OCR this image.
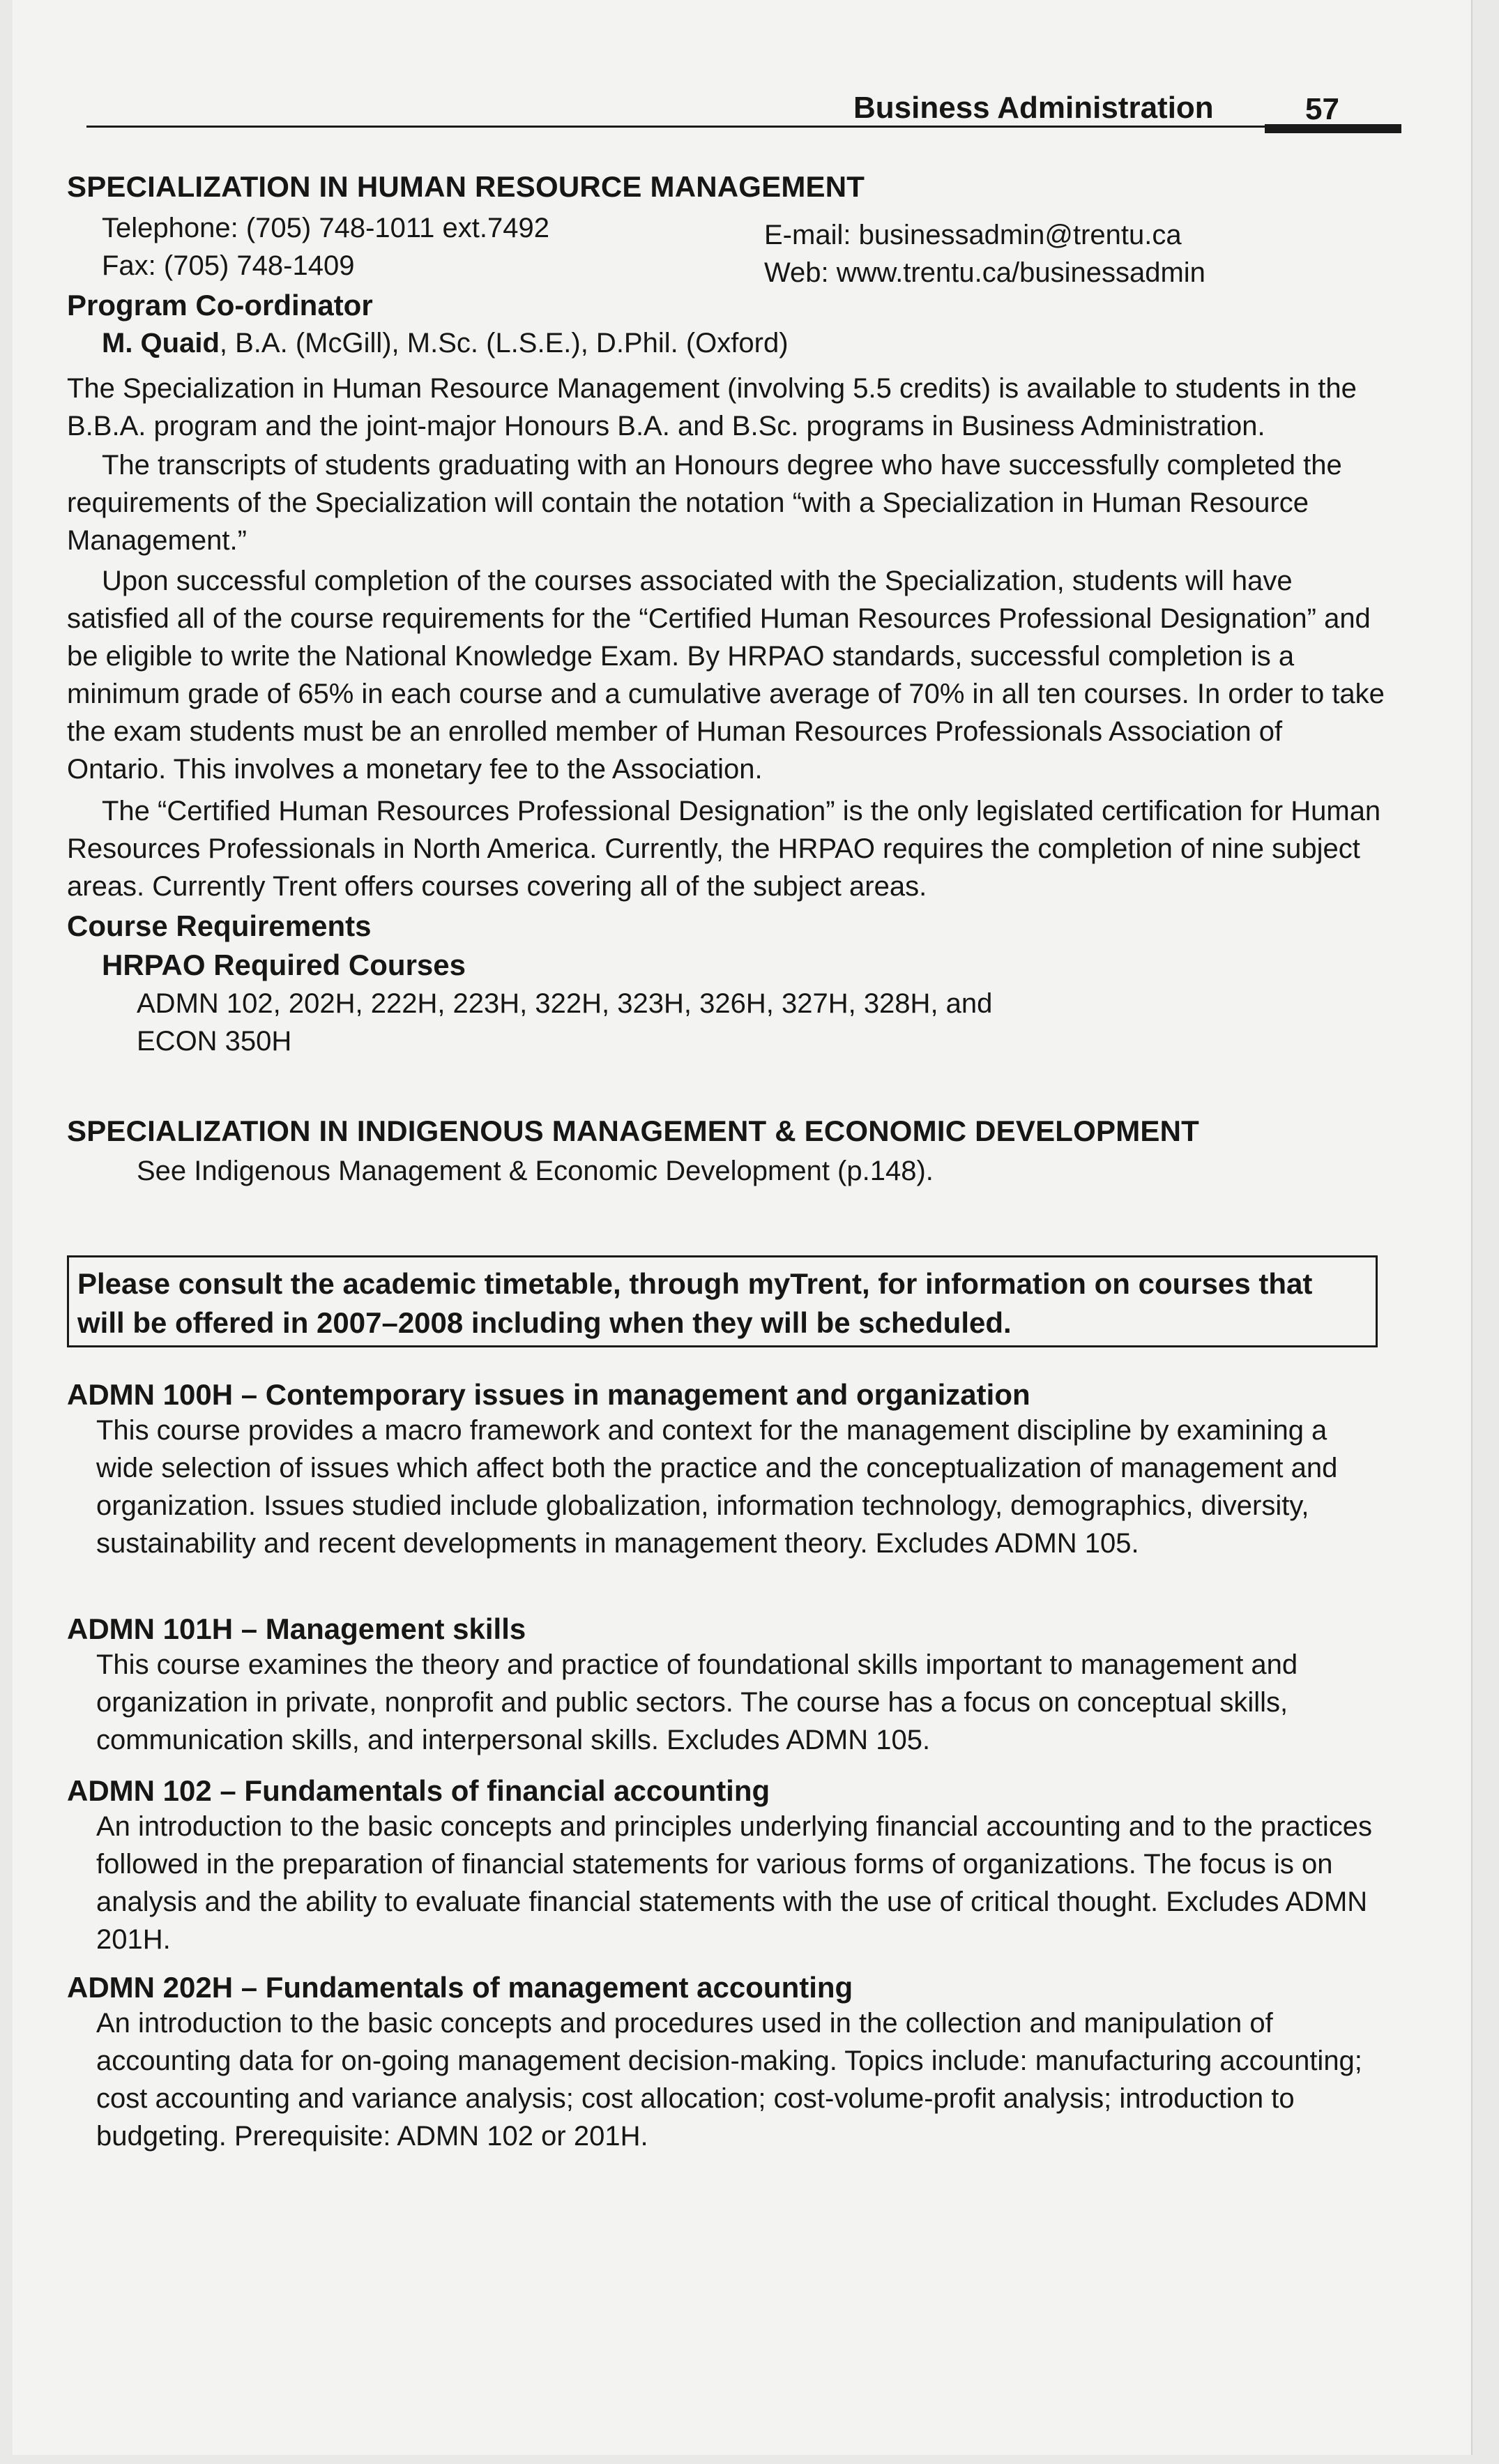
Business Administration	57
SPECIALIZATION IN HUMAN RESOURCE MANAGEMENT
Telephone: (705) 748-1011 ext.7492
Fax: (705) 748-1409
E-mail: businessadmin@trentu.ca
Web: www.trentu.ca/businessadmin
Program Co-ordinator
M. Quaid, B.A. (McGill), M.Sc. (L.S.E.), D.Phil. (Oxford)
The Specialization in Human Resource Management (involving 5.5 credits) is available to students in the B.B.A. program and the joint-major Honours B.A. and B.Sc. programs in Business Administration.
The transcripts of students graduating with an Honours degree who have successfully completed the requirements of the Specialization will contain the notation “with a Specialization in Human Resource Management.”
Upon successful completion of the courses associated with the Specialization, students will have satisfied all of the course requirements for the “Certified Human Resources Professional Designation” and be eligible to write the National Knowledge Exam. By HRPAO standards, successful completion is a minimum grade of 65% in each course and a cumulative average of 70% in all ten courses. In order to take the exam students must be an enrolled member of Human Resources Professionals Association of Ontario. This involves a monetary fee to the Association.
The “Certified Human Resources Professional Designation” is the only legislated certification for Human Resources Professionals in North America. Currently, the HRPAO requires the completion of nine subject areas. Currently Trent offers courses covering all of the subject areas.
Course Requirements
HRPAO Required Courses
ADMN 102, 202H, 222H, 223H, 322H, 323H, 326H, 327H, 328H, and
ECON 350H
SPECIALIZATION IN INDIGENOUS MANAGEMENT & ECONOMIC DEVELOPMENT
See Indigenous Management & Economic Development (p.148).
Please consult the academic timetable, through myTrent, for information on courses that will be offered in 2007–2008 including when they will be scheduled.
ADMN 100H – Contemporary issues in management and organization
This course provides a macro framework and context for the management discipline by examining a wide selection of issues which affect both the practice and the conceptualization of management and organization. Issues studied include globalization, information technology, demographics, diversity, sustainability and recent developments in management theory. Excludes ADMN 105.
ADMN 101H – Management skills
This course examines the theory and practice of foundational skills important to management and organization in private, nonprofit and public sectors. The course has a focus on conceptual skills, communication skills, and interpersonal skills. Excludes ADMN 105.
ADMN 102 – Fundamentals of financial accounting
An introduction to the basic concepts and principles underlying financial accounting and to the practices followed in the preparation of financial statements for various forms of organizations. The focus is on analysis and the ability to evaluate financial statements with the use of critical thought. Excludes ADMN 201H.
ADMN 202H – Fundamentals of management accounting
An introduction to the basic concepts and procedures used in the collection and manipulation of accounting data for on-going management decision-making. Topics include: manufacturing accounting; cost accounting and variance analysis; cost allocation; cost-volume-profit analysis; introduction to budgeting. Prerequisite: ADMN 102 or 201H.
